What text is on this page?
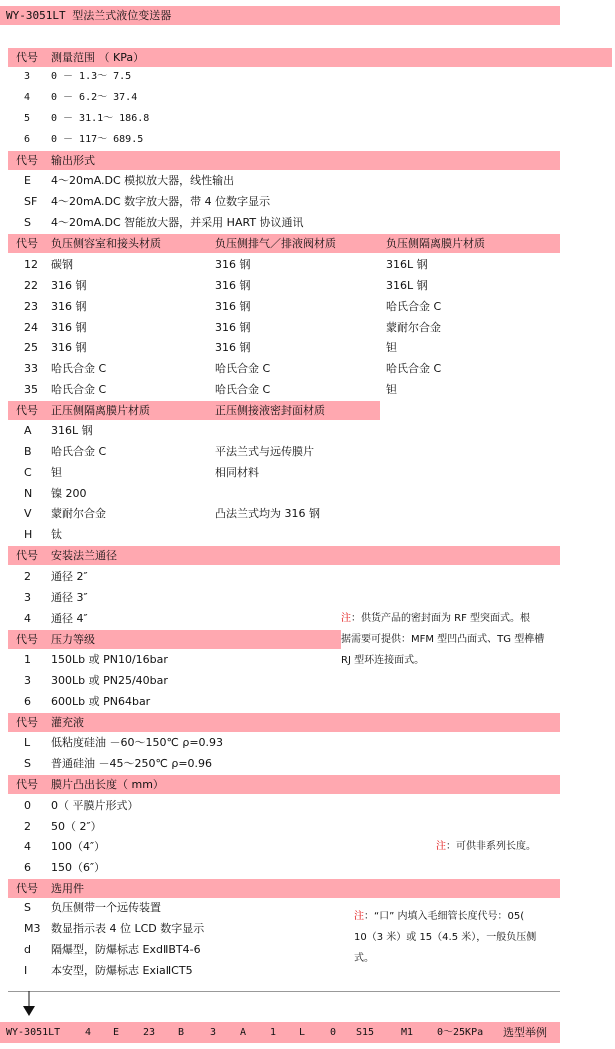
WY-3051LT 型法兰式液位变送器
代号 测量范围 （ KPa）
3 0 － 1.3～ 7.5
4 0 － 6.2～ 37.4
5 0 － 31.1～ 186.8
6 0 － 117～ 689.5
代号 输出形式
E 4～20mA.DC 模拟放大器，线性输出
SF 4～20mA.DC 数字放大器，带 4 位数字显示
S 4～20mA.DC 智能放大器，并采用 HART 协议通讯
代号 负压侧容室和接头材质	负压侧排气／排液阀材质	负压侧隔离膜片材质
12 碳钢	316 钢	316L 钢
22 316 钢	316 钢	316L 钢
23 316 钢	316 钢	哈氏合金 C
24 316 钢	316 钢	蒙耐尔合金
25 316 钢	316 钢	钽
33 哈氏合金 C	哈氏合金 C	哈氏合金 C
35 哈氏合金 C	哈氏合金 C	钽
代号 正压侧隔离膜片材质	正压侧接液密封面材质
A 316L 钢
B 哈氏合金 C	平法兰式与远传膜片
C 钽	相同材料
N 镍 200
V 蒙耐尔合金	凸法兰式均为 316 钢
H 钛
代号 安装法兰通径
2 通径 2″
3 通径 3″
4 通径 4″	注：供货产品的密封面为 RF 型突面式。根
据需要可提供：MFM 型凹凸面式、TG 型榫槽
RJ 型环连接面式。
代号 压力等级
1 150Lb 或 PN10/16bar
3 300Lb 或 PN25/40bar
6 600Lb 或 PN64bar
代号 灌充液
L 低粘度硅油 －60～150℃ ρ=0.93
S 普通硅油 －45～250℃ ρ=0.96
代号 膜片凸出长度（ mm）
0 0（ 平膜片形式）
2 50（ 2″）
4 100（4″）
6 150（6″）
注：可供非系列长度。
代号 选用件
S 负压侧带一个远传装置
M3 数显指示表 4 位 LCD 数字显示
d 隔爆型，防爆标志 ExdⅡBT4-6
I 本安型，防爆标志 ExiaⅡCT5
注：“口” 内填入毛细管长度代号：05(
10（3 米）或 15（4.5 米），一般负压侧
式。
WY-3051LT 4 E 23 B	3 A 1 L 0 S15	M1 0～25KPa 选型举例
